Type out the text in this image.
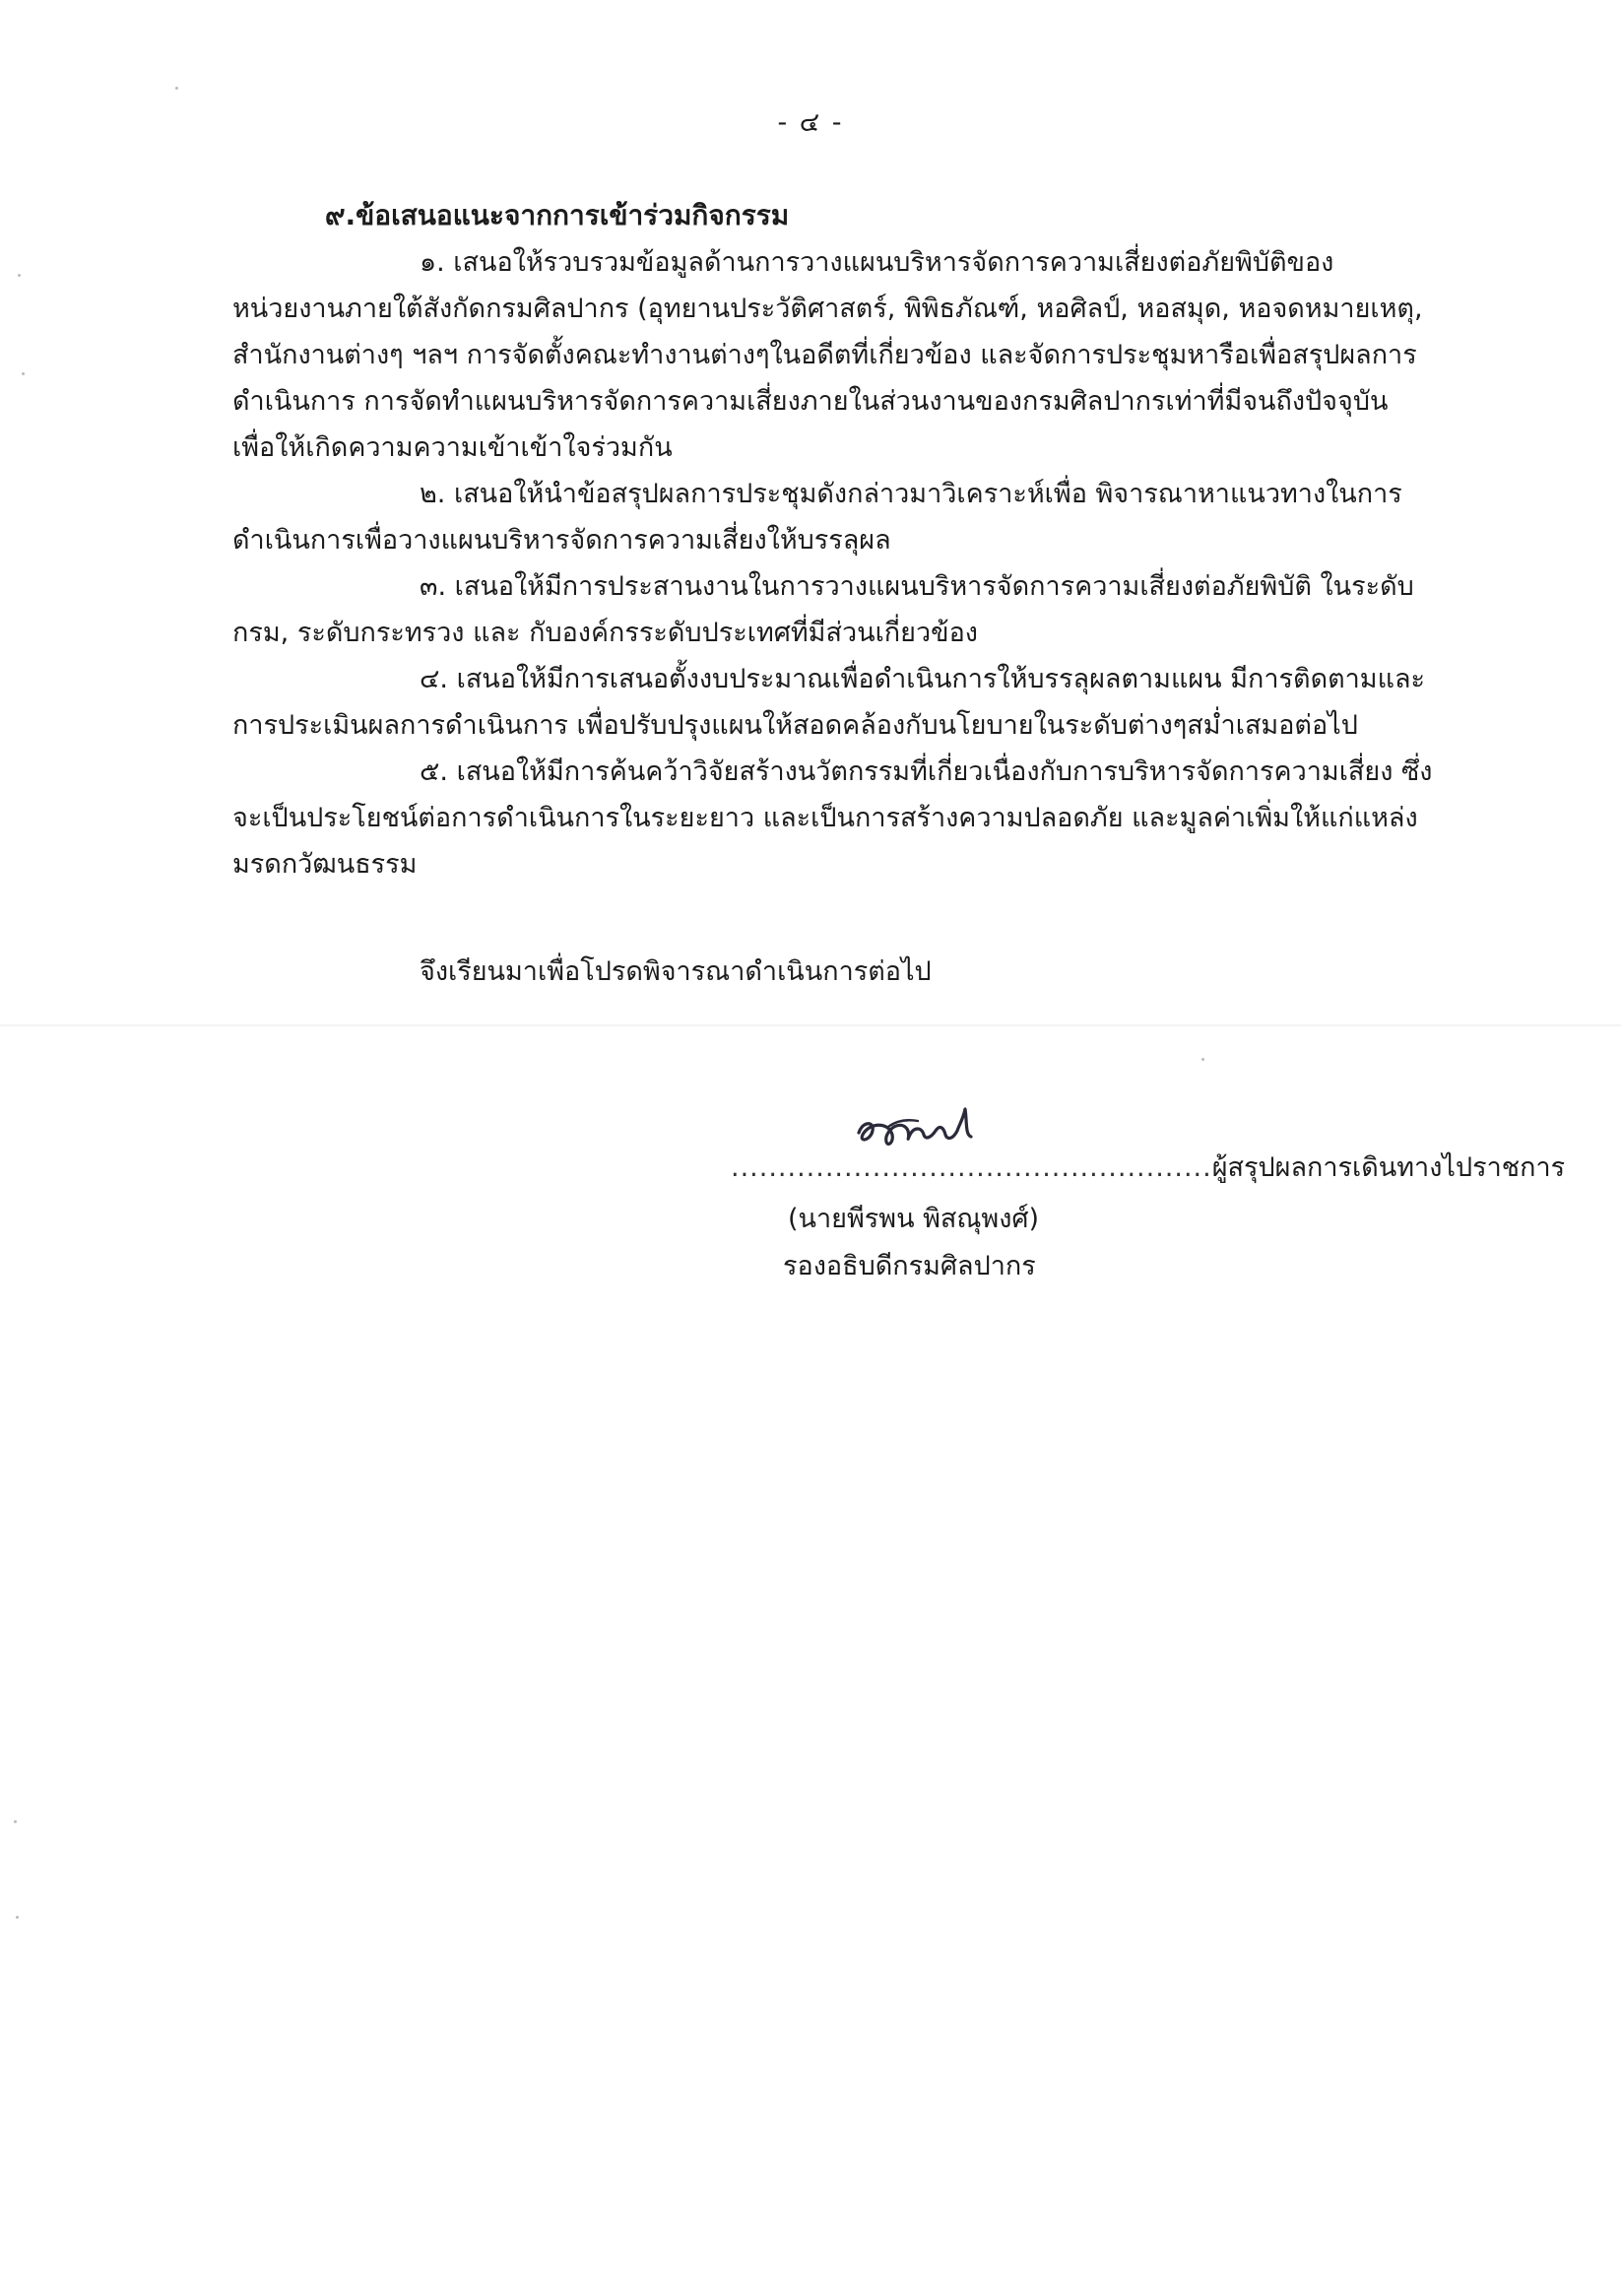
- ๔ -
๙.ข้อเสนอแนะจากการเข้าร่วมกิจกรรม
๑. เสนอให้รวบรวมข้อมูลด้านการวางแผนบริหารจัดการความเสี่ยงต่อภัยพิบัติของ
หน่วยงานภายใต้สังกัดกรมศิลปากร (อุทยานประวัติศาสตร์, พิพิธภัณฑ์, หอศิลป์, หอสมุด, หอจดหมายเหตุ,
สำนักงานต่างๆ ฯลฯ การจัดตั้งคณะทำงานต่างๆในอดีตที่เกี่ยวข้อง และจัดการประชุมหารือเพื่อสรุปผลการ
ดำเนินการ การจัดทำแผนบริหารจัดการความเสี่ยงภายในส่วนงานของกรมศิลปากรเท่าที่มีจนถึงปัจจุบัน
เพื่อให้เกิดความความเข้าเข้าใจร่วมกัน
๒. เสนอให้นำข้อสรุปผลการประชุมดังกล่าวมาวิเคราะห์เพื่อ พิจารณาหาแนวทางในการ
ดำเนินการเพื่อวางแผนบริหารจัดการความเสี่ยงให้บรรลุผล
๓. เสนอให้มีการประสานงานในการวางแผนบริหารจัดการความเสี่ยงต่อภัยพิบัติ ในระดับ
กรม, ระดับกระทรวง และ กับองค์กรระดับประเทศที่มีส่วนเกี่ยวข้อง
๔. เสนอให้มีการเสนอตั้งงบประมาณเพื่อดำเนินการให้บรรลุผลตามแผน มีการติดตามและ
การประเมินผลการดำเนินการ เพื่อปรับปรุงแผนให้สอดคล้องกับนโยบายในระดับต่างๆสม่ำเสมอต่อไป
๕. เสนอให้มีการค้นคว้าวิจัยสร้างนวัตกรรมที่เกี่ยวเนื่องกับการบริหารจัดการความเสี่ยง ซึ่ง
จะเป็นประโยชน์ต่อการดำเนินการในระยะยาว และเป็นการสร้างความปลอดภัย และมูลค่าเพิ่มให้แก่แหล่ง
มรดกวัฒนธรรม
จึงเรียนมาเพื่อโปรดพิจารณาดำเนินการต่อไป
...................................................ผู้สรุปผลการเดินทางไปราชการ
(นายพีรพน พิสณุพงศ์)
รองอธิบดีกรมศิลปากร
